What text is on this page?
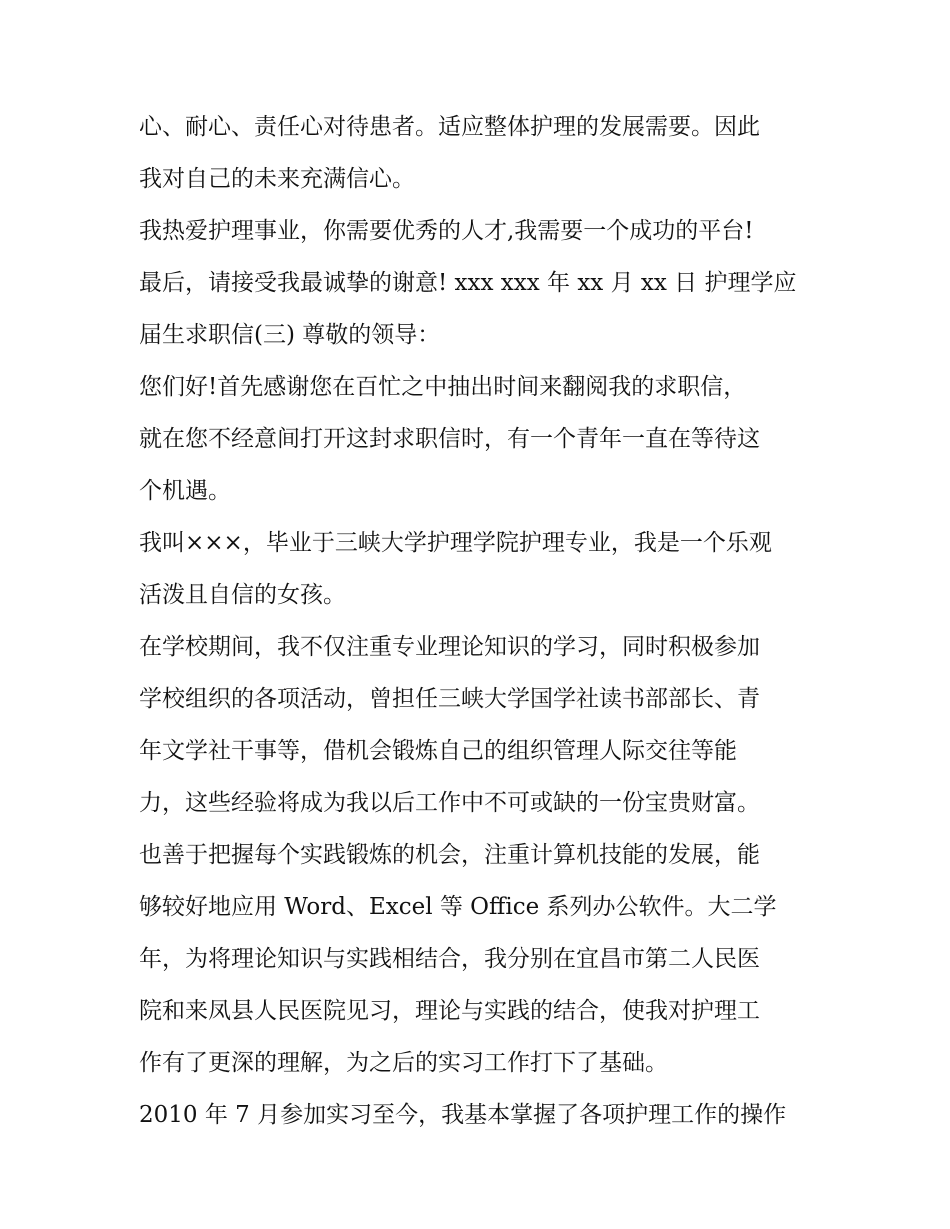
心、耐心、责任心对待患者。适应整体护理的发展需要。因此
我对自己的未来充满信心。
我热爱护理事业，你需要优秀的人才,我需要一个成功的平台!
最后，请接受我最诚挚的谢意! xxx xxx 年 xx 月 xx 日 护理学应
届生求职信(三) 尊敬的领导：
您们好!首先感谢您在百忙之中抽出时间来翻阅我的求职信，
就在您不经意间打开这封求职信时，有一个青年一直在等待这
个机遇。
我叫×××，毕业于三峡大学护理学院护理专业，我是一个乐观
活泼且自信的女孩。
在学校期间，我不仅注重专业理论知识的学习，同时积极参加
学校组织的各项活动，曾担任三峡大学国学社读书部部长、青
年文学社干事等，借机会锻炼自己的组织管理人际交往等能
力，这些经验将成为我以后工作中不可或缺的一份宝贵财富。
也善于把握每个实践锻炼的机会，注重计算机技能的发展，能
够较好地应用 Word、Excel 等 Office 系列办公软件。大二学
年，为将理论知识与实践相结合，我分别在宜昌市第二人民医
院和来凤县人民医院见习，理论与实践的结合，使我对护理工
作有了更深的理解，为之后的实习工作打下了基础。
2010 年 7 月参加实习至今，我基本掌握了各项护理工作的操作
